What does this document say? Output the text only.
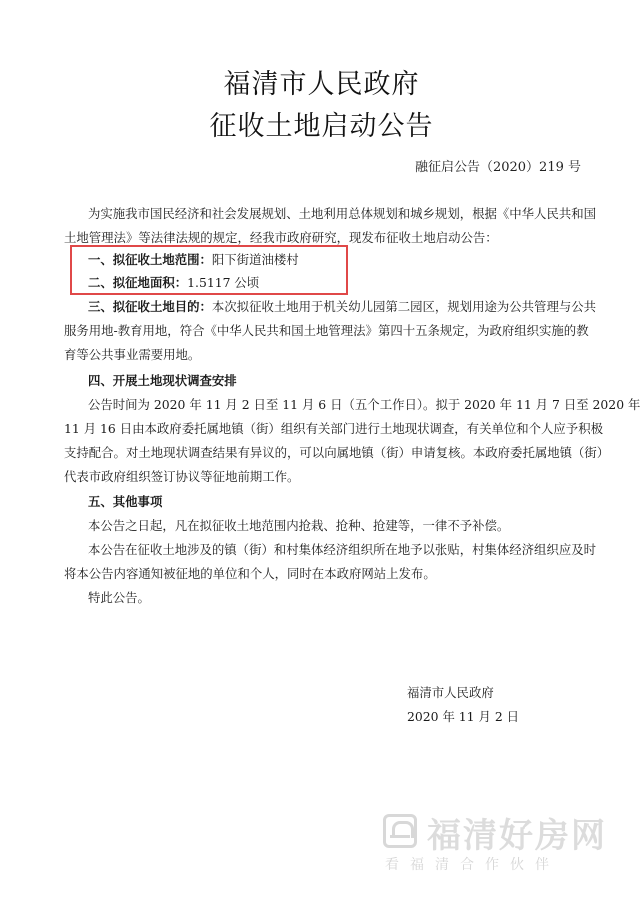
福清市人民政府
征收土地启动公告
融征启公告（2020）219 号
为实施我市国民经济和社会发展规划、土地利用总体规划和城乡规划，根据《中华人民共和国
土地管理法》等法律法规的规定，经我市政府研究，现发布征收土地启动公告：
一、拟征收土地范围：阳下街道油楼村
二、拟征地面积：1.5117 公顷
三、拟征收土地目的：本次拟征收土地用于机关幼儿园第二园区，规划用途为公共管理与公共
服务用地-教育用地，符合《中华人民共和国土地管理法》第四十五条规定，为政府组织实施的教
育等公共事业需要用地。
四、开展土地现状调查安排
公告时间为 2020 年 11 月 2 日至 11 月 6 日（五个工作日）。拟于 2020 年 11 月 7 日至 2020 年
11 月 16 日由本政府委托属地镇（街）组织有关部门进行土地现状调查，有关单位和个人应予积极
支持配合。对土地现状调查结果有异议的，可以向属地镇（街）申请复核。本政府委托属地镇（街）
代表市政府组织签订协议等征地前期工作。
五、其他事项
本公告之日起，凡在拟征收土地范围内抢栽、抢种、抢建等，一律不予补偿。
本公告在征收土地涉及的镇（街）和村集体经济组织所在地予以张贴，村集体经济组织应及时
将本公告内容通知被征地的单位和个人，同时在本政府网站上发布。
特此公告。
福清市人民政府
2020 年 11 月 2 日
福清好房网
看福清合作伙伴
